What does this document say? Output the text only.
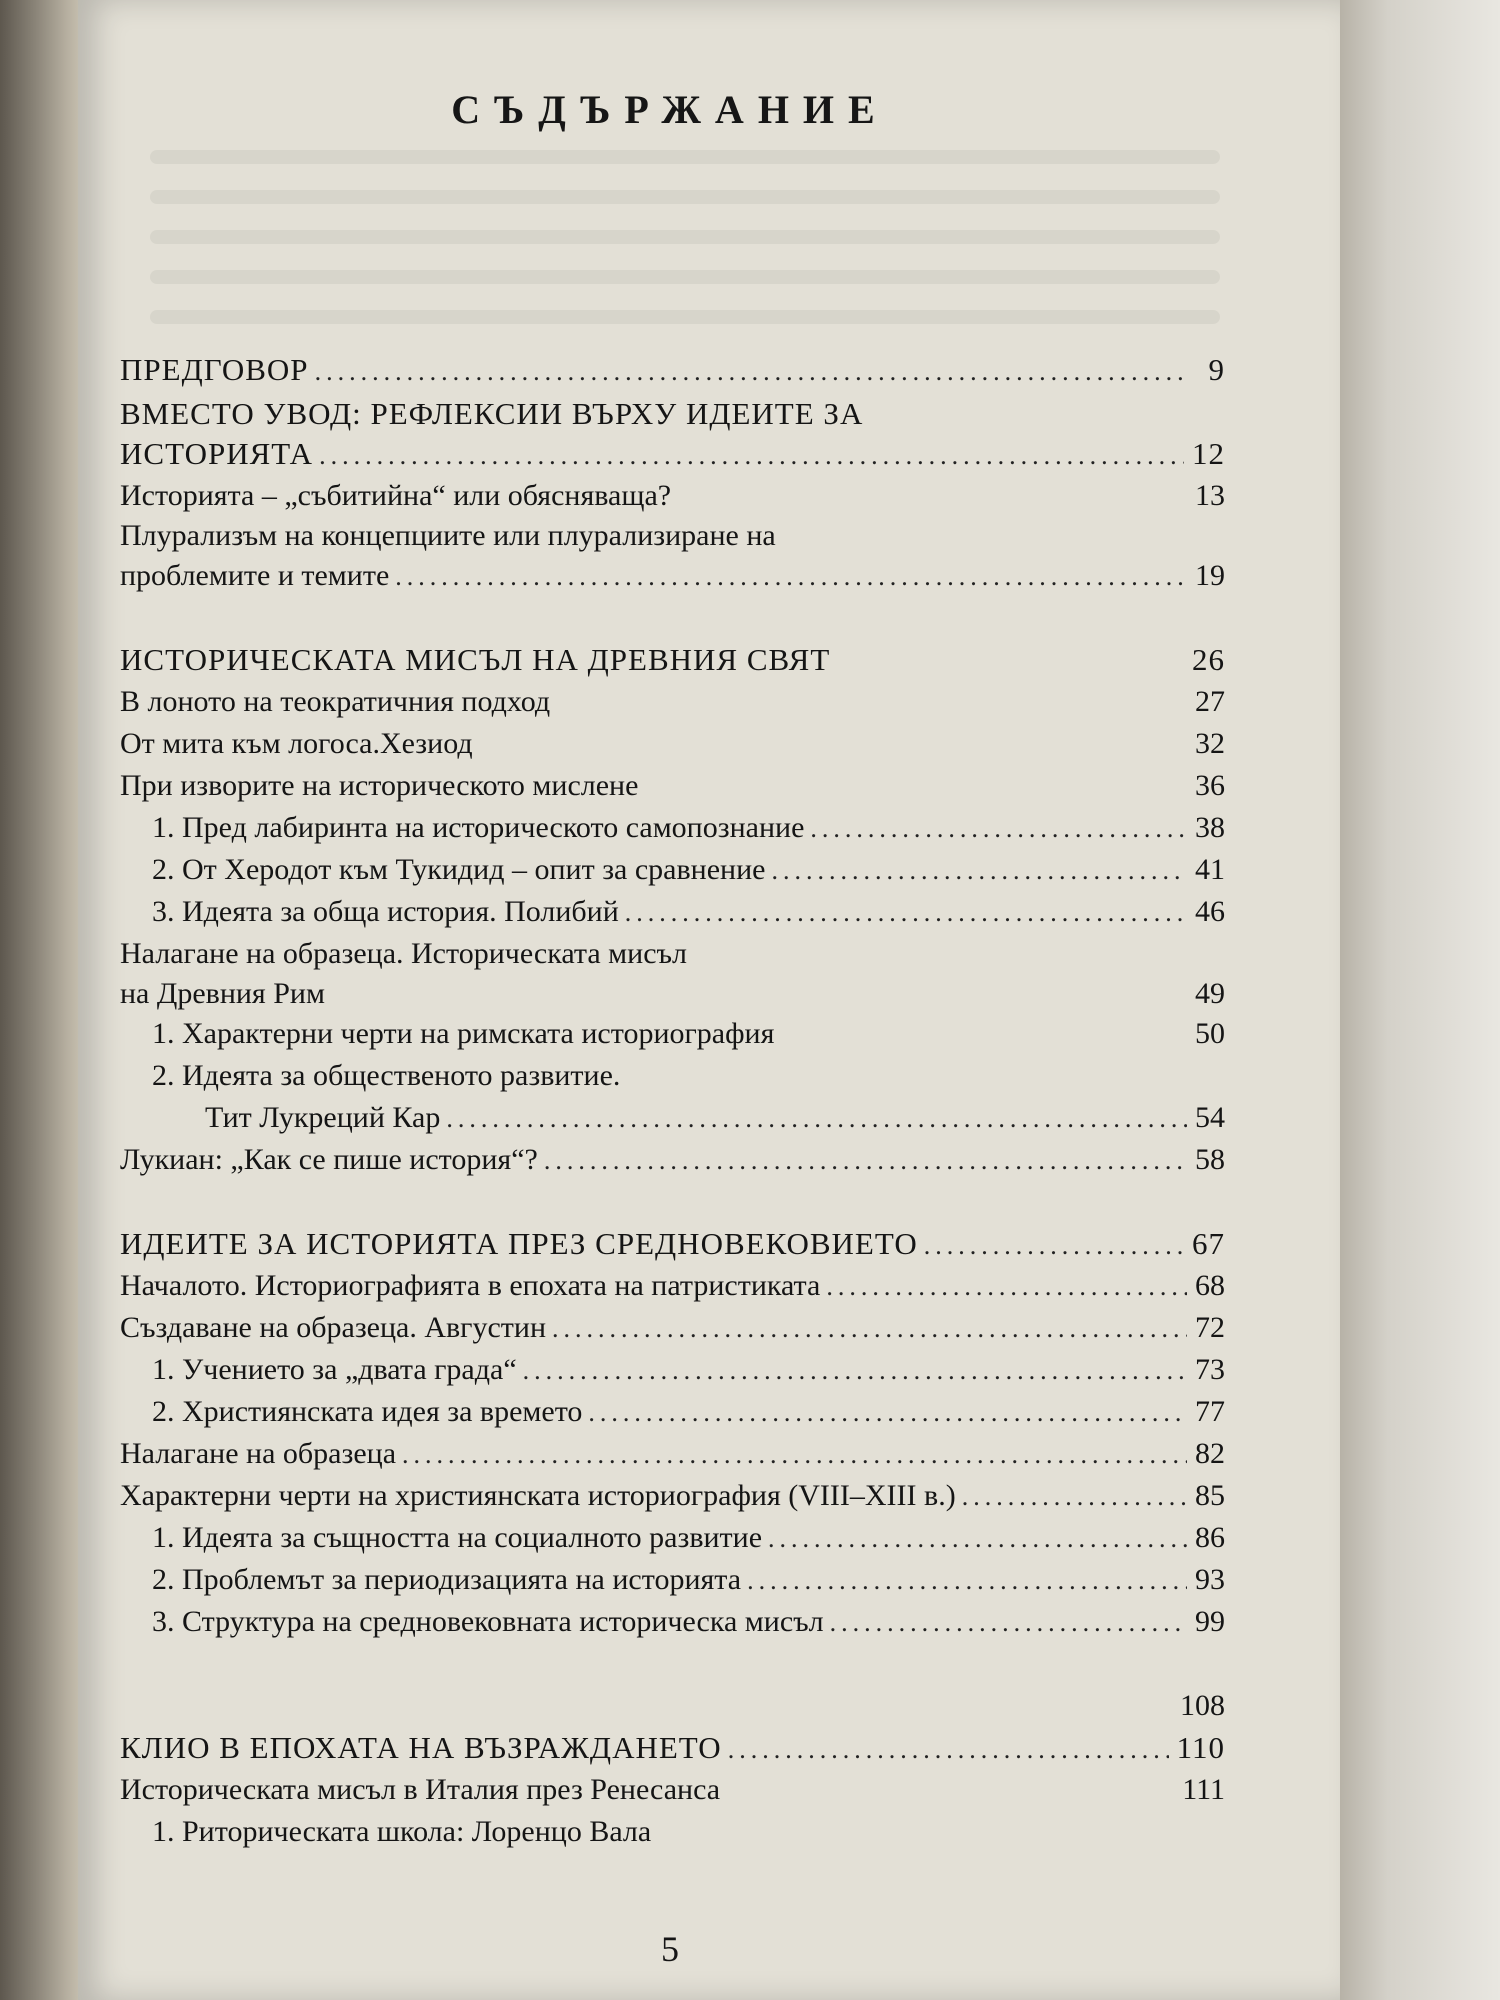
СЪДЪРЖАНИЕ
ПРЕДГОВОР .....	9
ВМЕСТО УВОД: РЕФЛЕКСИИ ВЪРХУ ИДЕИТЕ ЗА
ИСТОРИЯТА .....	12
Историята – „събитийна“ или обясняваща?	13
Плурализъм на концепциите или плурализиране на
проблемите и темите .....	19
ИСТОРИЧЕСКАТА МИСЪЛ НА ДРЕВНИЯ СВЯТ	26
В лоното на теократичния подход	27
От мита към логоса.Хезиод	32
При изворите на историческото мислене	36
1. Пред лабиринта на историческото самопознание .....	38
2. От Херодот към Тукидид – опит за сравнение .....	41
3. Идеята за обща история. Полибий .....	46
Налагане на образеца. Историческата мисъл
на Древния Рим	49
1. Характерни черти на римската историография	50
2. Идеята за общественото развитие.
Тит Лукреций Кар .....	54
Лукиан: „Как се пише история“? .....	58
ИДЕИТЕ ЗА ИСТОРИЯТА ПРЕЗ СРЕДНОВЕКОВИЕТО .....	67
Началото. Историографията в епохата на патристиката .....	68
Създаване на образеца. Августин .....	72
1. Учението за „двата града“ .....	73
2. Християнската идея за времето .....	77
Налагане на образеца .....	82
Характерни черти на християнската историография (VIII–XIII в.) .....	85
1. Идеята за същността на социалното развитие .....	86
2. Проблемът за периодизацията на историята .....	93
3. Структура на средновековната историческа мисъл .....	99
108
КЛИО В ЕПОХАТА НА ВЪЗРАЖДАНЕТО .....	110
Историческата мисъл в Италия през Ренесанса	111
1. Риторическата школа: Лоренцо Вала
5
